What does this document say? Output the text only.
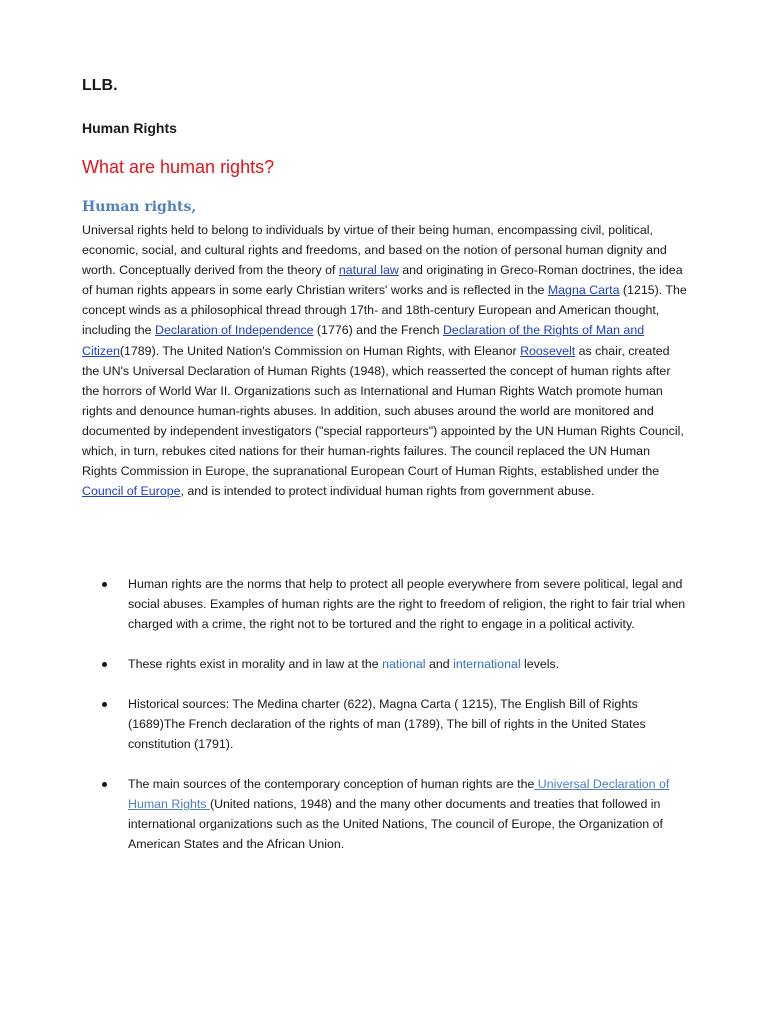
LLB.
Human Rights
What are human rights?
Human rights,

Universal rights held to belong to individuals by virtue of their being human, encompassing civil, political, economic, social, and cultural rights and freedoms, and based on the notion of personal human dignity and worth. Conceptually derived from the theory of natural law and originating in Greco-Roman doctrines, the idea of human rights appears in some early Christian writers' works and is reflected in the Magna Carta (1215). The concept winds as a philosophical thread through 17th- and 18th-century European and American thought, including the Declaration of Independence (1776) and the French Declaration of the Rights of Man and Citizen(1789). The United Nation's Commission on Human Rights, with Eleanor Roosevelt as chair, created the UN's Universal Declaration of Human Rights (1948), which reasserted the concept of human rights after the horrors of World War II. Organizations such as International and Human Rights Watch promote human rights and denounce human-rights abuses. In addition, such abuses around the world are monitored and documented by independent investigators ("special rapporteurs") appointed by the UN Human Rights Council, which, in turn, rebukes cited nations for their human-rights failures. The council replaced the UN Human Rights Commission in Europe, the supranational European Court of Human Rights, established under the Council of Europe, and is intended to protect individual human rights from government abuse.

Human rights are the norms that help to protect all people everywhere from severe political, legal and social abuses. Examples of human rights are the right to freedom of religion, the right to fair trial when charged with a crime, the right not to be tortured and the right to engage in a political activity.
These rights exist in morality and in law at the national and international levels.
Historical sources: The Medina charter (622), Magna Carta ( 1215), The English Bill of Rights (1689)The French declaration of the rights of man (1789), The bill of rights in the United States constitution (1791).
The main sources of the contemporary conception of human rights are the Universal Declaration of Human Rights (United nations, 1948) and the many other documents and treaties that followed in international organizations such as the United Nations, The council of Europe, the Organization of American States and the African Union.
